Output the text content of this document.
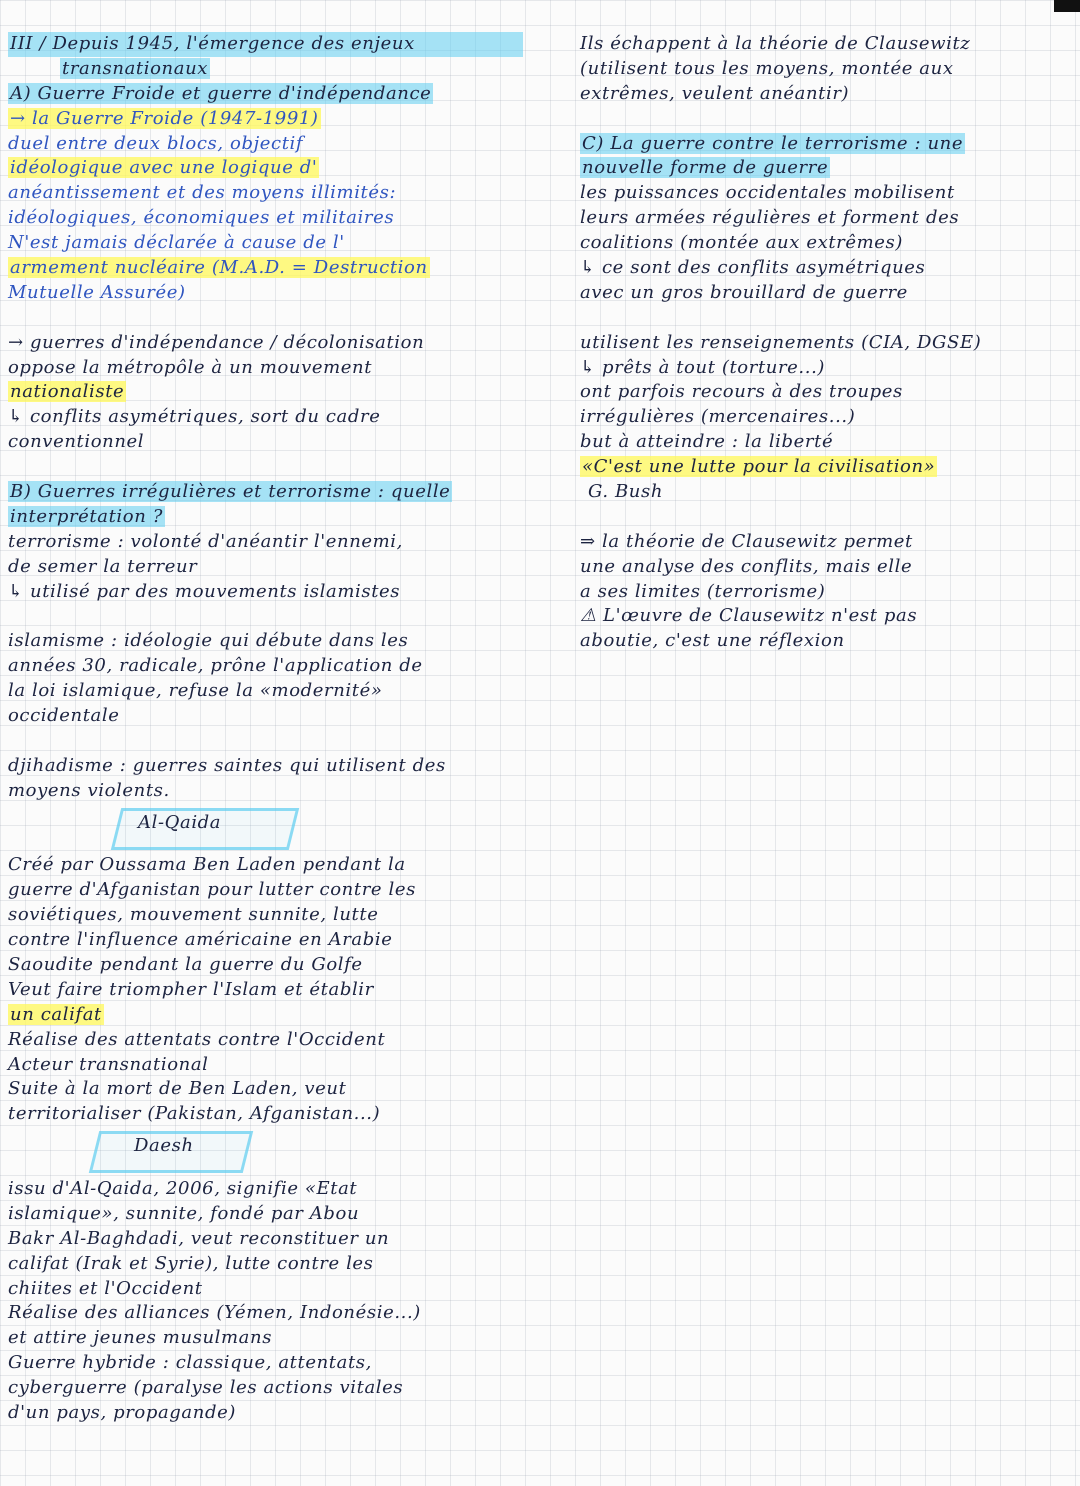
III / Depuis 1945, l'émergence des enjeux
transnationaux
A) Guerre Froide et guerre d'indépendance
→ la Guerre Froide (1947-1991)
duel entre deux blocs, objectif
idéologique avec une logique d'
anéantissement et des moyens illimités:
idéologiques, économiques et militaires
N'est jamais déclarée à cause de l'
armement nucléaire (M.A.D. = Destruction
Mutuelle Assurée)
→ guerres d'indépendance / décolonisation
oppose la métropôle à un mouvement
nationaliste
↳ conflits asymétriques, sort du cadre
conventionnel
B) Guerres irrégulières et terrorisme : quelle
interprétation ?
terrorisme : volonté d'anéantir l'ennemi,
de semer la terreur
↳ utilisé par des mouvements islamistes
islamisme : idéologie qui débute dans les
années 30, radicale, prône l'application de
la loi islamique, refuse la «modernité»
occidentale
djihadisme : guerres saintes qui utilisent des
moyens violents.
Al-Qaida
Créé par Oussama Ben Laden pendant la
guerre d'Afganistan pour lutter contre les
soviétiques, mouvement sunnite, lutte
contre l'influence américaine en Arabie
Saoudite pendant la guerre du Golfe
Veut faire triompher l'Islam et établir
un califat
Réalise des attentats contre l'Occident
Acteur transnational
Suite à la mort de Ben Laden, veut
territorialiser (Pakistan, Afganistan...)
Daesh
issu d'Al-Qaida, 2006, signifie «Etat
islamique», sunnite, fondé par Abou
Bakr Al-Baghdadi, veut reconstituer un
califat (Irak et Syrie), lutte contre les
chiites et l'Occident
Réalise des alliances (Yémen, Indonésie...)
et attire jeunes musulmans
Guerre hybride : classique, attentats,
cyberguerre (paralyse les actions vitales
d'un pays, propagande)
Ils échappent à la théorie de Clausewitz
(utilisent tous les moyens, montée aux
extrêmes, veulent anéantir)
C) La guerre contre le terrorisme : une
nouvelle forme de guerre
les puissances occidentales mobilisent
leurs armées régulières et forment des
coalitions (montée aux extrêmes)
↳ ce sont des conflits asymétriques
avec un gros brouillard de guerre
utilisent les renseignements (CIA, DGSE)
↳ prêts à tout (torture...)
ont parfois recours à des troupes
irrégulières (mercenaires...)
but à atteindre : la liberté
«C'est une lutte pour la civilisation»
G. Bush
⇒ la théorie de Clausewitz permet
une analyse des conflits, mais elle
a ses limites (terrorisme)
⚠ L'œuvre de Clausewitz n'est pas
aboutie, c'est une réflexion
